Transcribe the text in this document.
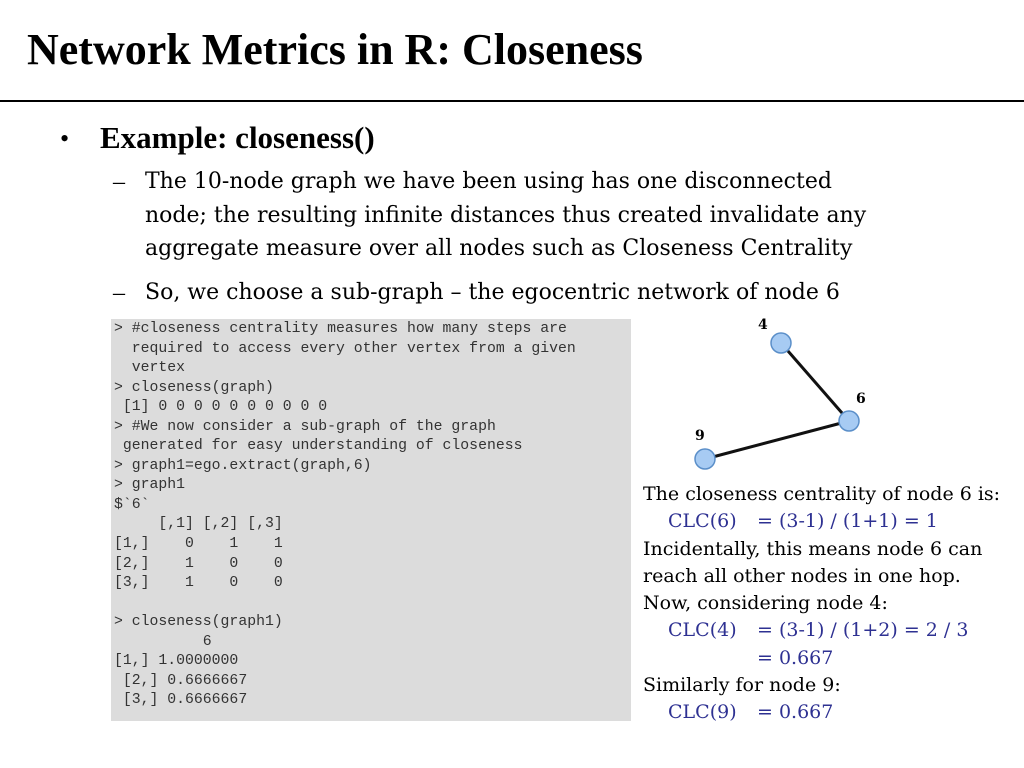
Network Metrics in R: Closeness
• Example: closeness()
– The 10-node graph we have been using has one disconnected
node; the resulting infinite distances thus created invalidate any
aggregate measure over all nodes such as Closeness Centrality
– So, we choose a sub-graph – the egocentric network of node 6
> #closeness centrality measures how many steps are
required to access every other vertex from a given
vertex
> closeness(graph)
[1] 0 0 0 0 0 0 0 0 0 0
> #We now consider a sub-graph of the graph
generated for easy understanding of closeness
> graph1=ego.extract(graph,6)
> graph1
$`6`
[,1] [,2] [,3]
[1,]    0    1    1
[2,]    1    0    0
[3,]    1    0    0

> closeness(graph1)
6
[1,] 1.0000000
[2,] 0.6666667
[3,] 0.6666667
4
6
9
The closeness centrality of node 6 is:
CLC(6) = (3-1) / (1+1) = 1
Incidentally, this means node 6 can
reach all other nodes in one hop.
Now, considering node 4:
CLC(4) = (3-1) / (1+2) = 2 / 3
= 0.667
Similarly for node 9:
CLC(9) = 0.667
